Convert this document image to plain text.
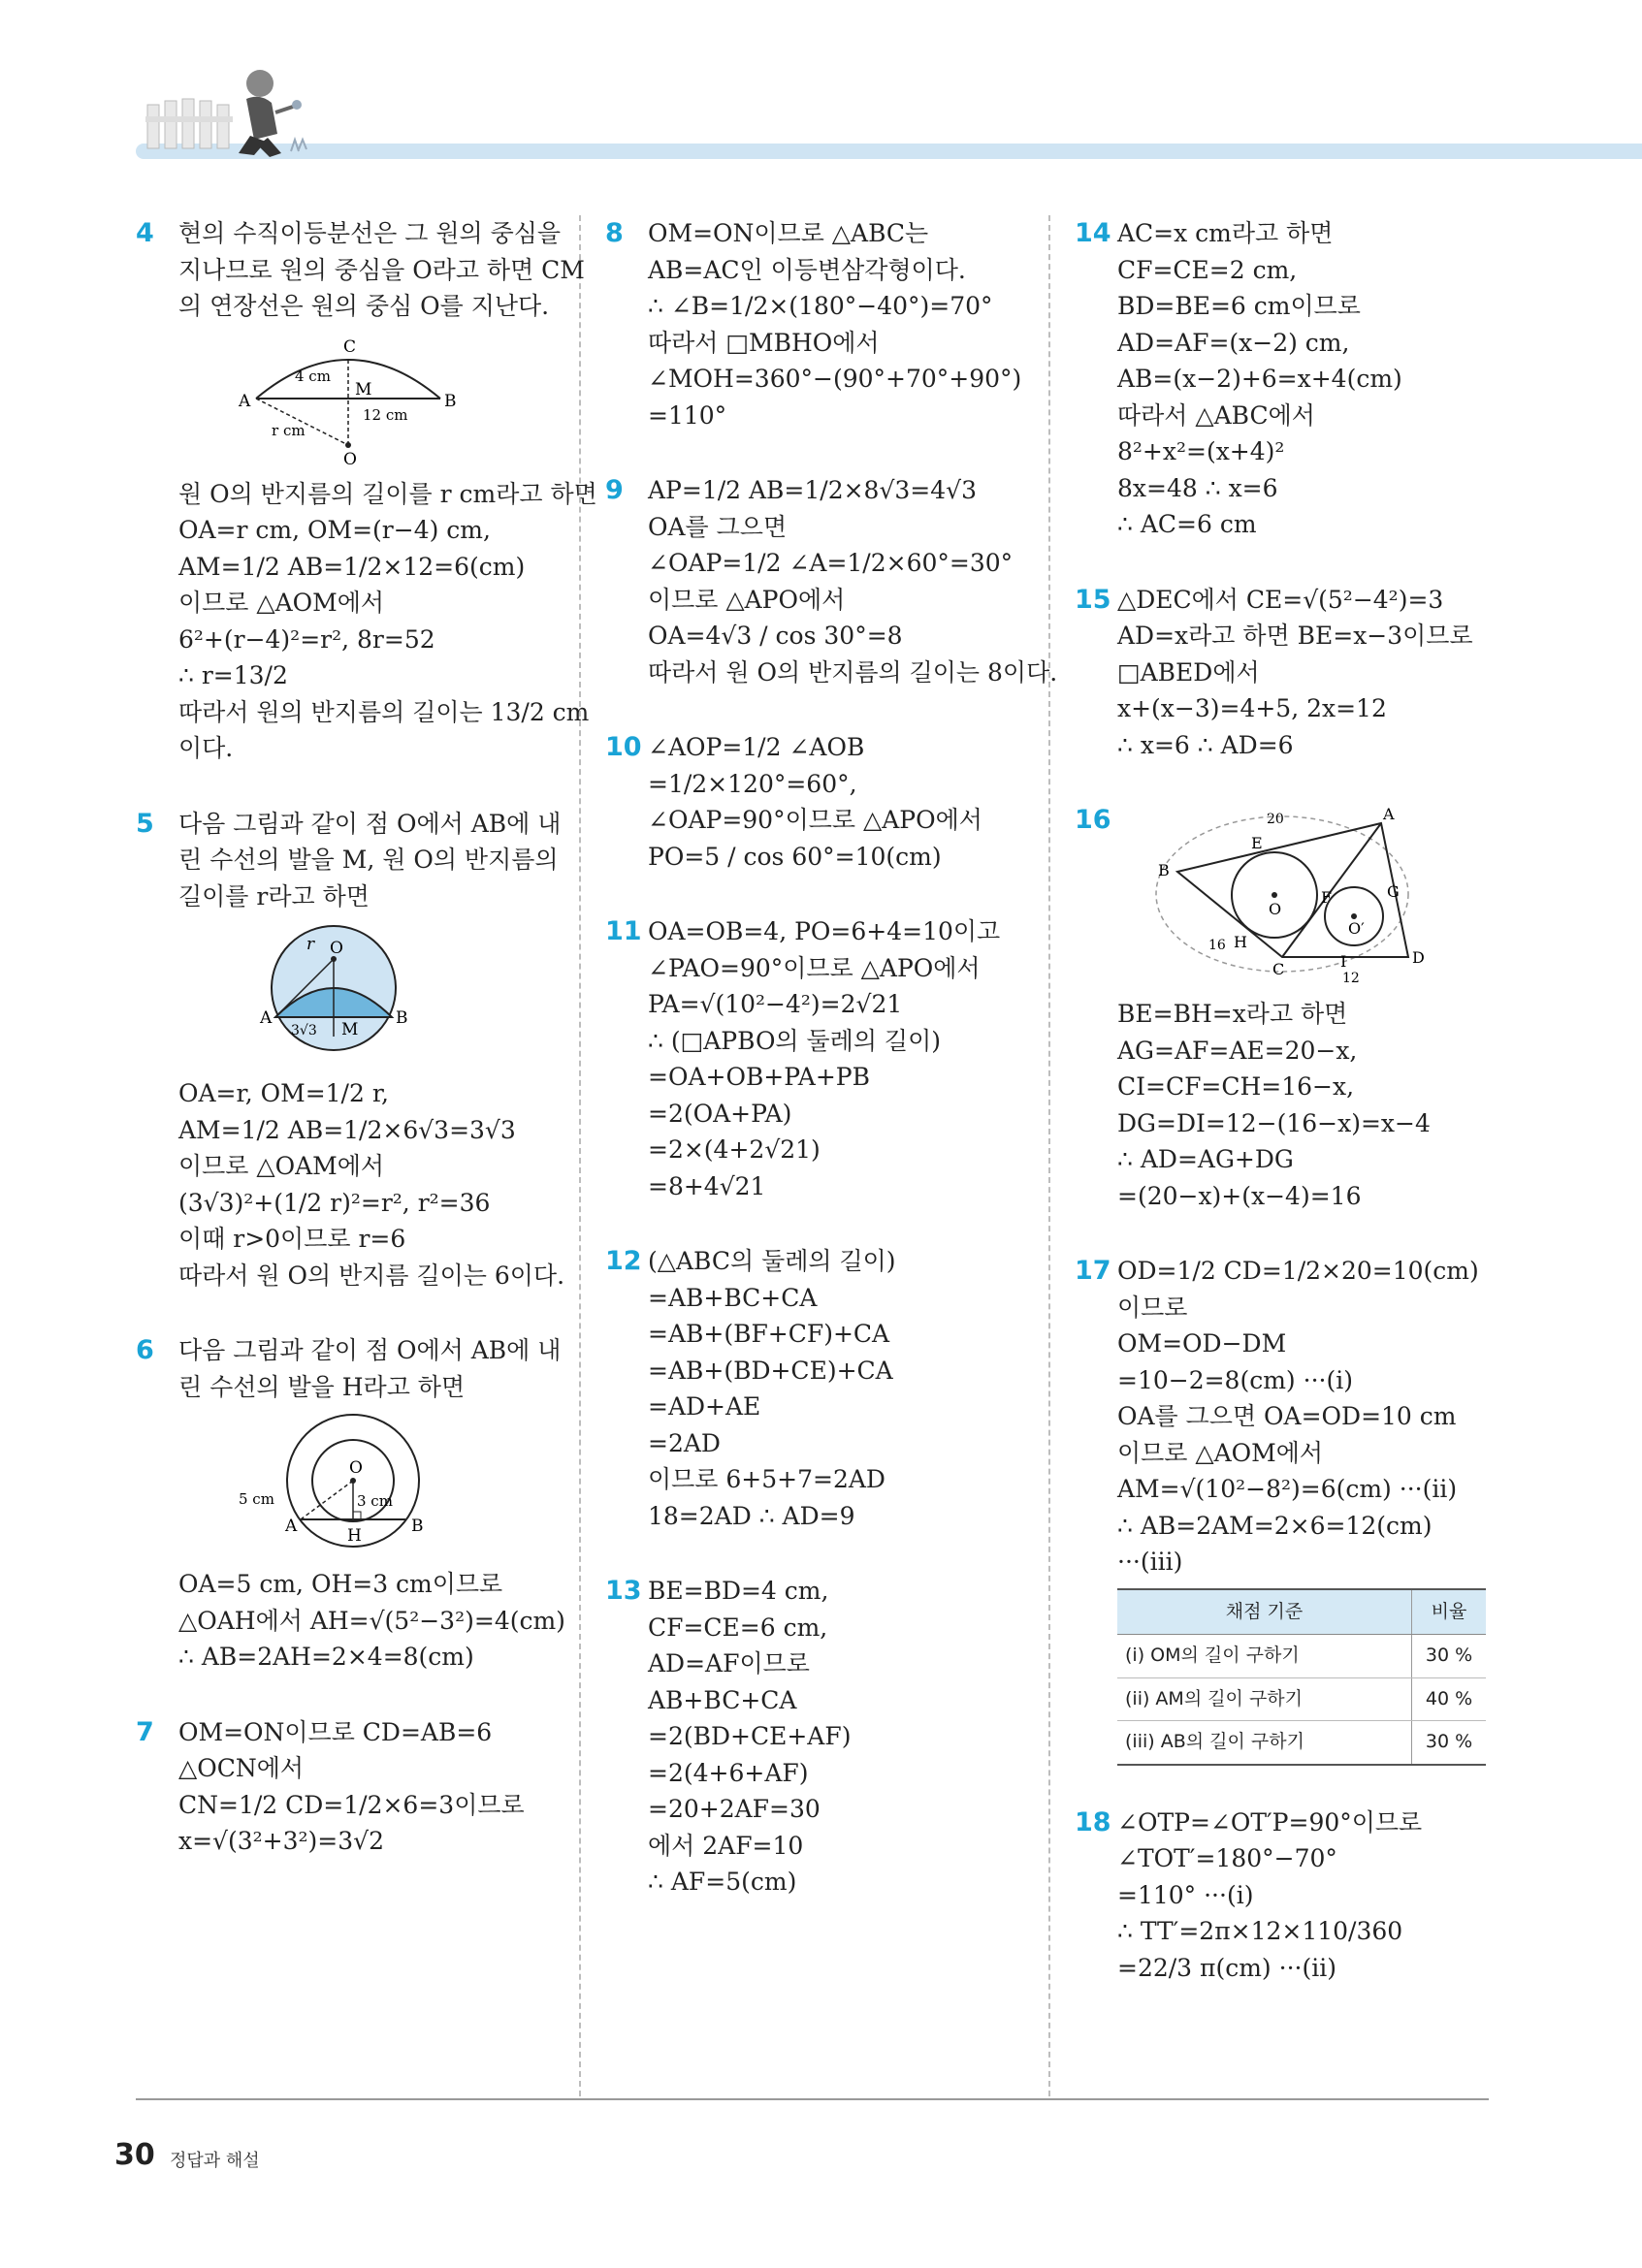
4 현의 수직이등분선은 그 원의 중심을
지나므로 원의 중심을 O라고 하면 CM
의 연장선은 원의 중심 O를 지난다.
C
M
A	B
O
4 cm
12 cm
r cm
원 O의 반지름의 길이를 r cm라고 하면
OA=r cm, OM=(r−4) cm,
AM=1/2 AB=1/2×12=6(cm)
이므로 △AOM에서
6²+(r−4)²=r², 8r=52
∴ r=13/2
따라서 원의 반지름의 길이는 13/2 cm
이다.
5 다음 그림과 같이 점 O에서 AB에 내
린 수선의 발을 M, 원 O의 반지름의
길이를 r라고 하면
r O
A
M
B
3√3
OA=r, OM=1/2 r,
AM=1/2 AB=1/2×6√3=3√3
이므로 △OAM에서
(3√3)²+(1/2 r)²=r², r²=36
이때 r>0이므로 r=6
따라서 원 O의 반지름 길이는 6이다.
6 다음 그림과 같이 점 O에서 AB에 내
린 수선의 발을 H라고 하면
O
A	H	B
5 cm	3 cm
OA=5 cm, OH=3 cm이므로
△OAH에서 AH=√(5²−3²)=4(cm)
∴ AB=2AH=2×4=8(cm)
7 OM=ON이므로 CD=AB=6
△OCN에서
CN=1/2 CD=1/2×6=3이므로
x=√(3²+3²)=3√2
8 OM=ON이므로 △ABC는
AB=AC인 이등변삼각형이다.
∴ ∠B=1/2×(180°−40°)=70°
따라서 □MBHO에서
∠MOH=360°−(90°+70°+90°)
=110°
9 AP=1/2 AB=1/2×8√3=4√3
OA를 그으면
∠OAP=1/2 ∠A=1/2×60°=30°
이므로 △APO에서
OA=4√3 / cos 30°=8
따라서 원 O의 반지름의 길이는 8이다.
10 ∠AOP=1/2 ∠AOB
=1/2×120°=60°,
∠OAP=90°이므로 △APO에서
PO=5 / cos 60°=10(cm)
11 OA=OB=4, PO=6+4=10이고
∠PAO=90°이므로 △APO에서
PA=√(10²−4²)=2√21
∴ (□APBO의 둘레의 길이)
=OA+OB+PA+PB
=2(OA+PA)
=2×(4+2√21)
=8+4√21
12 (△ABC의 둘레의 길이)
=AB+BC+CA
=AB+(BF+CF)+CA
=AB+(BD+CE)+CA
=AD+AE
=2AD
이므로 6+5+7=2AD
18=2AD ∴ AD=9
13 BE=BD=4 cm,
CF=CE=6 cm,
AD=AF이므로
AB+BC+CA
=2(BD+CE+AF)
=2(4+6+AF)
=20+2AF=30
에서 2AF=10
∴ AF=5(cm)
14 AC=x cm라고 하면
CF=CE=2 cm,
BD=BE=6 cm이므로
AD=AF=(x−2) cm,
AB=(x−2)+6=x+4(cm)
따라서 △ABC에서
8²+x²=(x+4)²
8x=48 ∴ x=6
∴ AC=6 cm
15 △DEC에서 CE=√(5²−4²)=3
AD=x라고 하면 BE=x−3이므로
□ABED에서
x+(x−3)=4+5, 2x=12
∴ x=6 ∴ AD=6
16	A
B
C
D
E
F	G
H
I
O
O′
20
16
12
BE=BH=x라고 하면
AG=AF=AE=20−x,
CI=CF=CH=16−x,
DG=DI=12−(16−x)=x−4
∴ AD=AG+DG
=(20−x)+(x−4)=16
17 OD=1/2 CD=1/2×20=10(cm)
이므로
OM=OD−DM
=10−2=8(cm) ···(i)
OA를 그으면 OA=OD=10 cm
이므로 △AOM에서
AM=√(10²−8²)=6(cm) ···(ii)
∴ AB=2AM=2×6=12(cm)
···(iii)
채점 기준	비율
(i) OM의 길이 구하기	30 %
(ii) AM의 길이 구하기	40 %
(iii) AB의 길이 구하기	30 %
18 ∠OTP=∠OT′P=90°이므로
∠TOT′=180°−70°
=110° ···(i)
∴ TT′=2π×12×110/360
=22/3 π(cm) ···(ii)
30 정답과 해설
